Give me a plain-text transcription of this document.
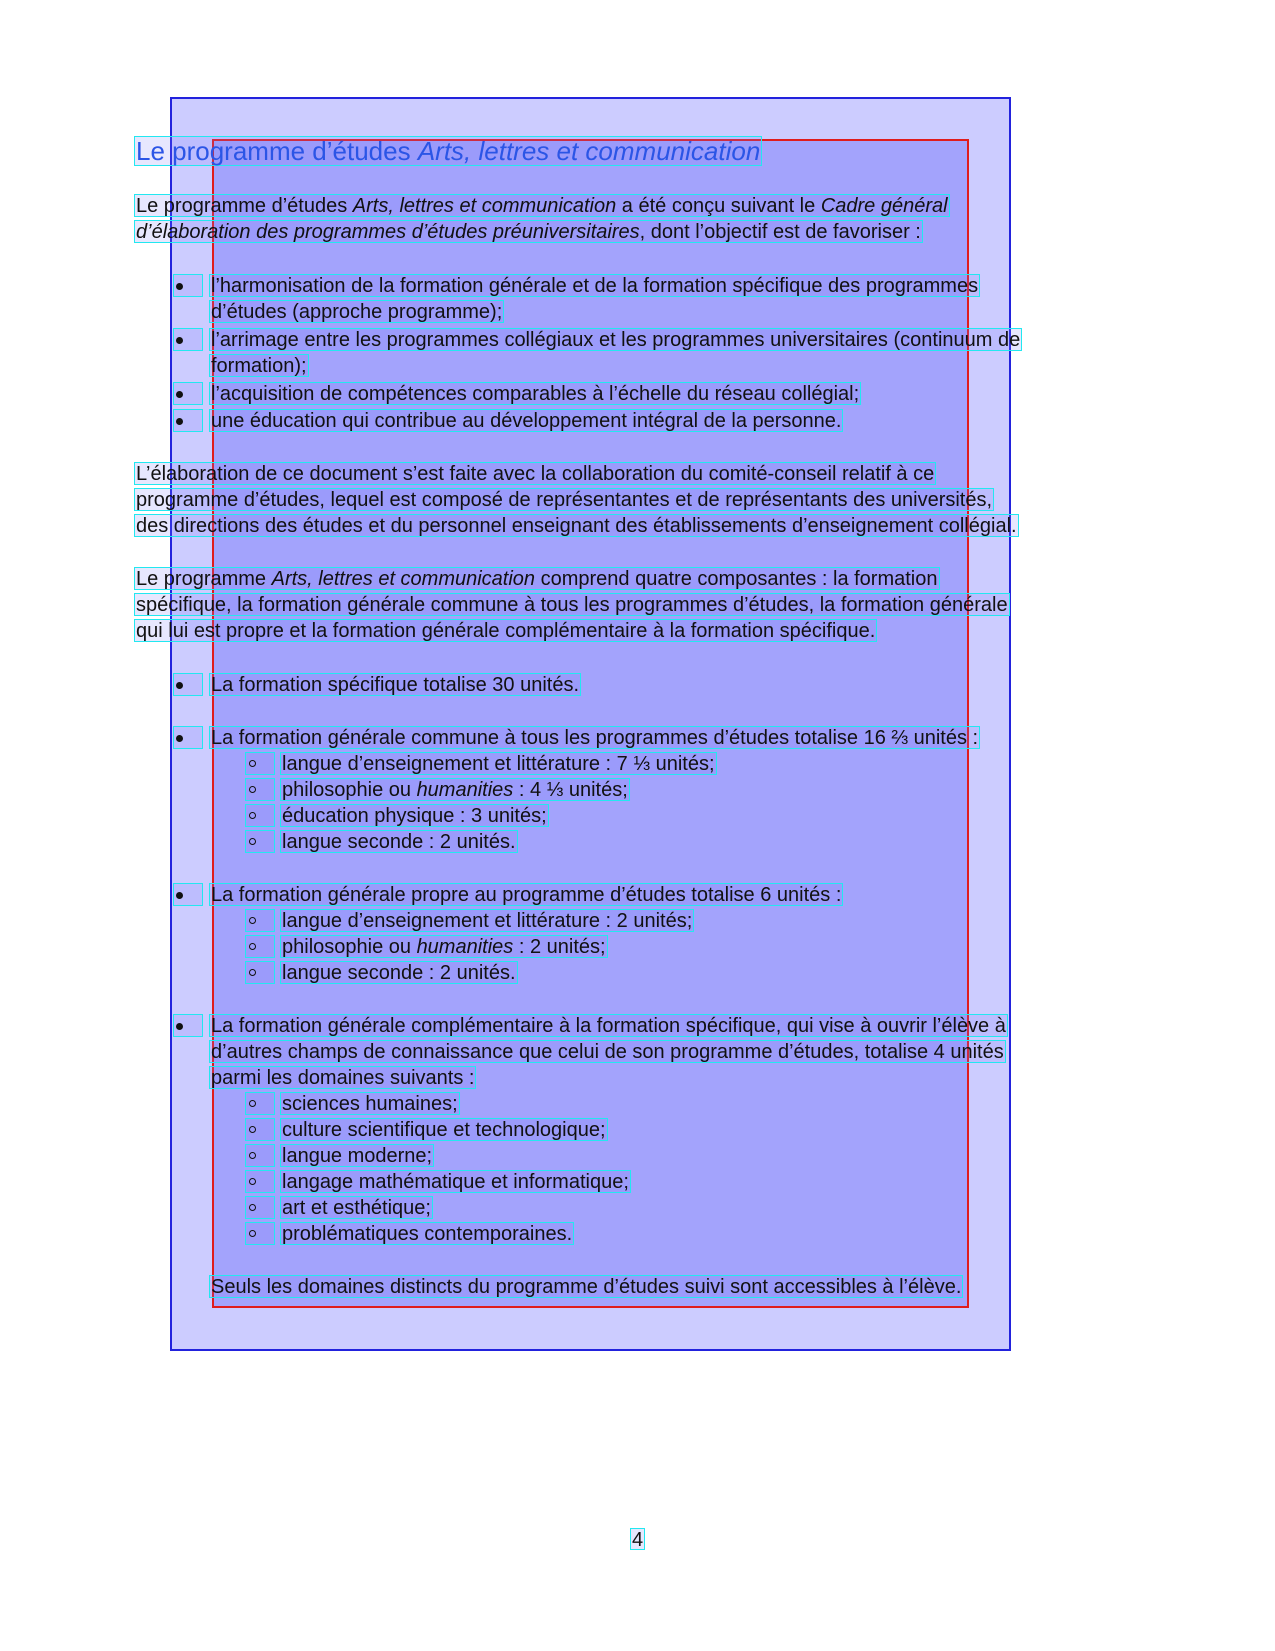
Le programme d’études Arts, lettres et communication
Le programme d’études Arts, lettres et communication a été conçu suivant le Cadre général
d’élaboration des programmes d’études préuniversitaires, dont l’objectif est de favoriser :
l’harmonisation de la formation générale et de la formation spécifique des programmes
d’études (approche programme);
l’arrimage entre les programmes collégiaux et les programmes universitaires (continuum de
formation);
l’acquisition de compétences comparables à l’échelle du réseau collégial;
une éducation qui contribue au développement intégral de la personne.
L’élaboration de ce document s’est faite avec la collaboration du comité-conseil relatif à ce
programme d’études, lequel est composé de représentantes et de représentants des universités,
des directions des études et du personnel enseignant des établissements d’enseignement collégial.
Le programme Arts, lettres et communication comprend quatre composantes : la formation
spécifique, la formation générale commune à tous les programmes d’études, la formation générale
qui lui est propre et la formation générale complémentaire à la formation spécifique.
La formation spécifique totalise 30 unités.
La formation générale commune à tous les programmes d’études totalise 16 ⅔ unités :
langue d’enseignement et littérature : 7 ⅓ unités;
philosophie ou humanities : 4 ⅓ unités;
éducation physique : 3 unités;
langue seconde : 2 unités.
La formation générale propre au programme d’études totalise 6 unités :
langue d’enseignement et littérature : 2 unités;
philosophie ou humanities : 2 unités;
langue seconde : 2 unités.
La formation générale complémentaire à la formation spécifique, qui vise à ouvrir l’élève à
d’autres champs de connaissance que celui de son programme d’études, totalise 4 unités
parmi les domaines suivants :
sciences humaines;
culture scientifique et technologique;
langue moderne;
langage mathématique et informatique;
art et esthétique;
problématiques contemporaines.
Seuls les domaines distincts du programme d’études suivi sont accessibles à l’élève.
4
